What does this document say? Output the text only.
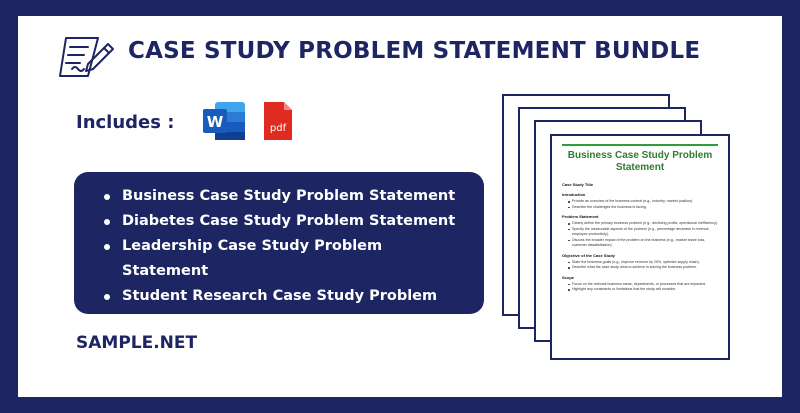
CASE STUDY PROBLEM STATEMENT BUNDLE
Includes : W	pdf
Business Case Study Problem Statement
Diabetes Case Study Problem Statement
Leadership Case Study Problem Statement
Student Research Case Study Problem Statement
SAMPLE.NET
Business Case Study Problem Statement
Case Study Title
Introduction
Provide an overview of the business context (e.g., industry, market position).
Describe the challenges the business is facing.
Problem Statement
Clearly define the primary business problem (e.g., declining profits, operational inefficiency).
Specify the measurable aspects of the problem (e.g., percentage decrease in revenue, employee productivity).
Discuss the broader impact of the problem on the business (e.g., market share loss, customer dissatisfaction).
Objective of the Case Study
State the business goals (e.g., improve revenue by 20%, optimize supply chain).
Describe what the case study aims to achieve in solving the business problem.
Scope
Focus on the relevant business areas, departments, or processes that are impacted.
Highlight any constraints or limitations that the study will consider.
